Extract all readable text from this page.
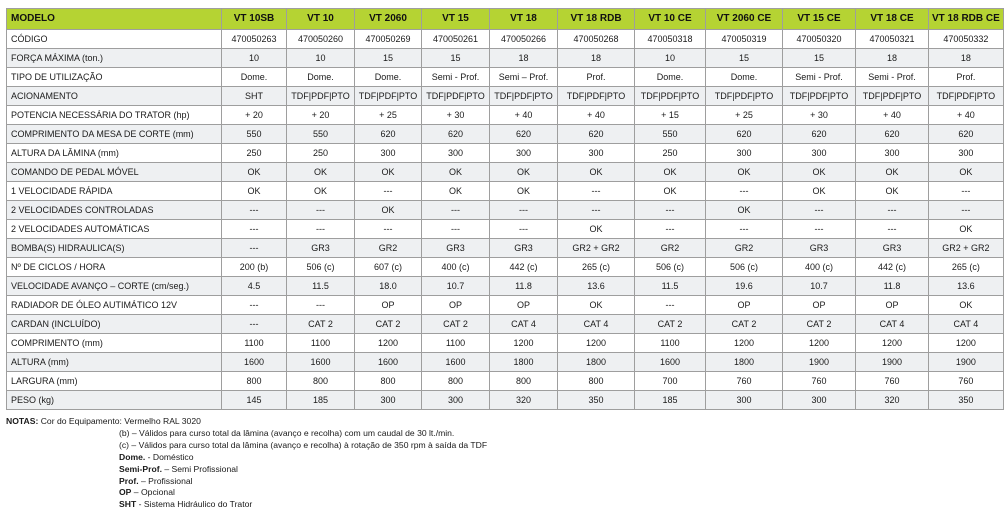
MODELO	VT 10SB	VT 10	VT 2060	VT 15	VT 18	VT 18 RDB	VT 10 CE	VT 2060 CE	VT 15 CE	VT 18 CE	VT 18 RDB CE
CÓDIGO	470050263	470050260	470050269	470050261	470050266	470050268	470050318	470050319	470050320	470050321	470050332
FORÇA MÁXIMA (ton.)	10	10	15	15	18	18	10	15	15	18	18
TIPO DE UTILIZAÇÃO	Dome.	Dome.	Dome.	Semi - Prof.	Semi – Prof.	Prof.	Dome.	Dome.	Semi - Prof.	Semi - Prof.	Prof.
ACIONAMENTO	SHT	TDF|PDF|PTO	TDF|PDF|PTO	TDF|PDF|PTO	TDF|PDF|PTO	TDF|PDF|PTO	TDF|PDF|PTO	TDF|PDF|PTO	TDF|PDF|PTO	TDF|PDF|PTO	TDF|PDF|PTO
POTENCIA NECESSÁRIA DO TRATOR (hp)	+ 20	+ 20	+ 25	+ 30	+ 40	+ 40	+ 15	+ 25	+ 30	+ 40	+ 40
COMPRIMENTO DA MESA DE CORTE (mm)	550	550	620	620	620	620	550	620	620	620	620
ALTURA DA LÂMINA (mm)	250	250	300	300	300	300	250	300	300	300	300
COMANDO DE PEDAL MÓVEL	OK	OK	OK	OK	OK	OK	OK	OK	OK	OK	OK
1 VELOCIDADE RÁPIDA	OK	OK	---	OK	OK	---	OK	---	OK	OK	---
2 VELOCIDADES CONTROLADAS	---	---	OK	---	---	---	---	OK	---	---	---
2 VELOCIDADES AUTOMÁTICAS	---	---	---	---	---	OK	---	---	---	---	OK
BOMBA(S) HIDRAULICA(S)	---	GR3	GR2	GR3	GR3	GR2 + GR2	GR2	GR2	GR3	GR3	GR2 + GR2
Nº DE CICLOS / HORA	200 (b)	506 (c)	607 (c)	400 (c)	442 (c)	265 (c)	506 (c)	506 (c)	400 (c)	442 (c)	265 (c)
VELOCIDADE AVANÇO – CORTE (cm/seg.)	4.5	11.5	18.0	10.7	11.8	13.6	11.5	19.6	10.7	11.8	13.6
RADIADOR DE ÓLEO AUTIMÁTICO 12V	---	---	OP	OP	OP	OK	---	OP	OP	OP	OK
CARDAN (INCLUÍDO)	---	CAT 2	CAT 2	CAT 2	CAT 4	CAT 4	CAT 2	CAT 2	CAT 2	CAT 4	CAT 4
COMPRIMENTO (mm)	1100	1100	1200	1100	1200	1200	1100	1200	1200	1200	1200
ALTURA (mm)	1600	1600	1600	1600	1800	1800	1600	1800	1900	1900	1900
LARGURA (mm)	800	800	800	800	800	800	700	760	760	760	760
PESO (kg)	145	185	300	300	320	350	185	300	300	320	350
NOTAS: Cor do Equipamento: Vermelho RAL 3020
(b) – Válidos para curso total da lâmina (avanço e recolha) com um caudal de 30 lt./min.
(c) – Válidos para curso total da lâmina (avanço e recolha) à rotação de 350 rpm à saída da TDF
Dome. - Doméstico
Semi-Prof. – Semi Profissional
Prof. – Profissional
OP – Opcional
SHT - Sistema Hidráulico do Trator
